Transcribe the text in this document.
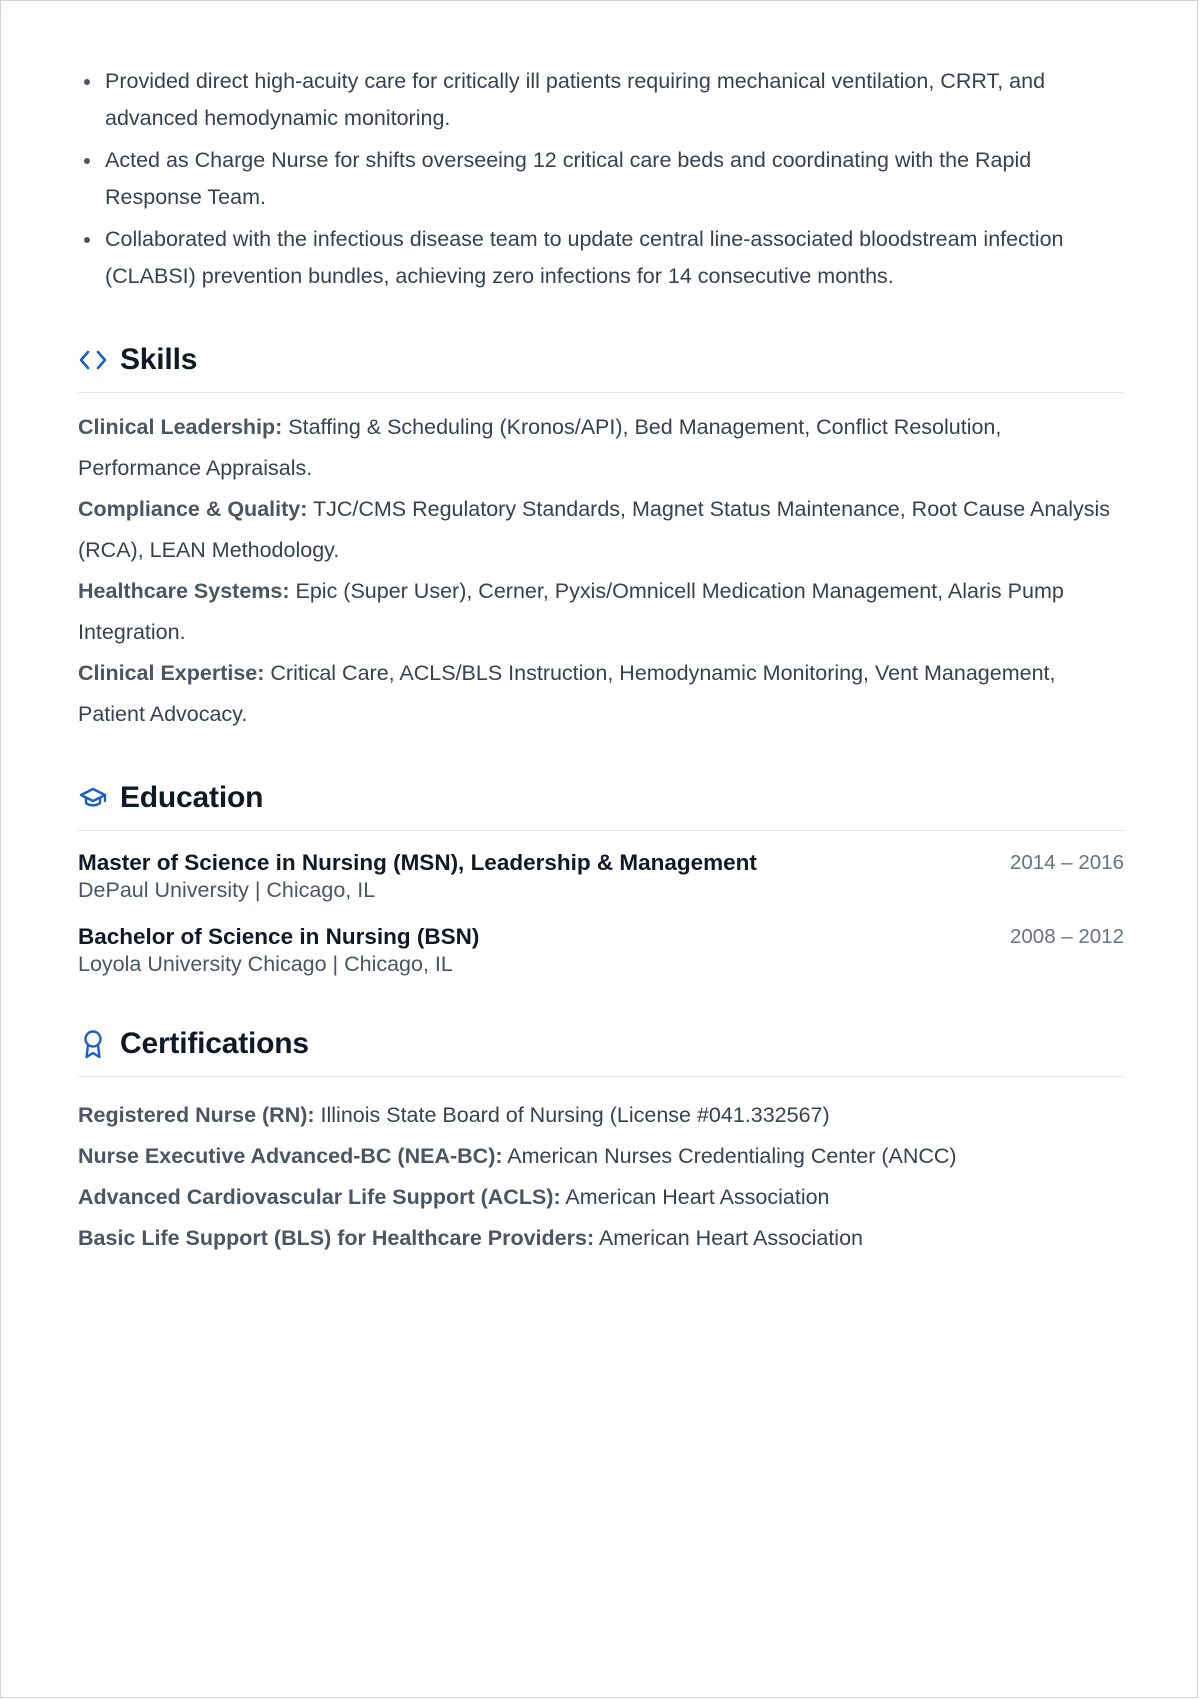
Provided direct high-acuity care for critically ill patients requiring mechanical ventilation, CRRT, and advanced hemodynamic monitoring.
Acted as Charge Nurse for shifts overseeing 12 critical care beds and coordinating with the Rapid Response Team.
Collaborated with the infectious disease team to update central line-associated bloodstream infection (CLABSI) prevention bundles, achieving zero infections for 14 consecutive months.
Skills
Clinical Leadership: Staffing & Scheduling (Kronos/API), Bed Management, Conflict Resolution, Performance Appraisals.
Compliance & Quality: TJC/CMS Regulatory Standards, Magnet Status Maintenance, Root Cause Analysis (RCA), LEAN Methodology.
Healthcare Systems: Epic (Super User), Cerner, Pyxis/Omnicell Medication Management, Alaris Pump Integration.
Clinical Expertise: Critical Care, ACLS/BLS Instruction, Hemodynamic Monitoring, Vent Management, Patient Advocacy.
Education
Master of Science in Nursing (MSN), Leadership & Management
DePaul University | Chicago, IL
2014 – 2016
Bachelor of Science in Nursing (BSN)
Loyola University Chicago | Chicago, IL
2008 – 2012
Certifications
Registered Nurse (RN): Illinois State Board of Nursing (License #041.332567)
Nurse Executive Advanced-BC (NEA-BC): American Nurses Credentialing Center (ANCC)
Advanced Cardiovascular Life Support (ACLS): American Heart Association
Basic Life Support (BLS) for Healthcare Providers: American Heart Association
